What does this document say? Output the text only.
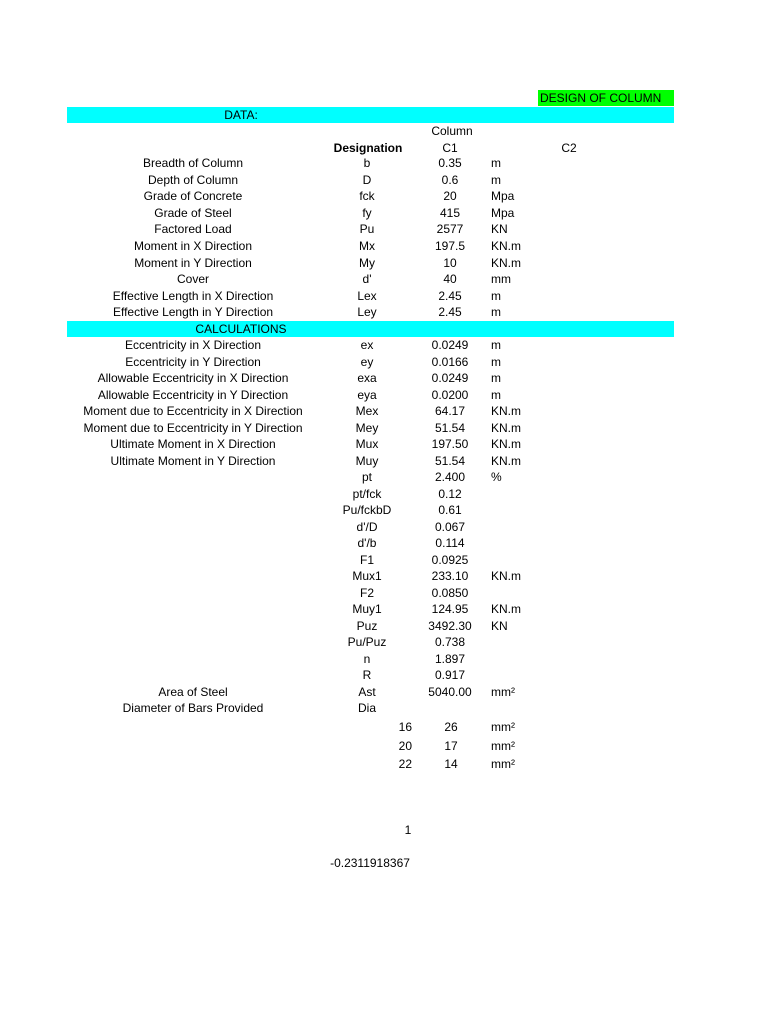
DESIGN OF COLUMN
DATA:
Column
Designation	C1	C2
Breadth of Column	b	0.35 m
Depth of Column	D	0.6	m
Grade of Concrete	fck	20	Mpa
Grade of Steel	fy	415	Mpa
Factored Load	Pu	2577 KN
Moment in X Direction	Mx	197.5 KN.m
Moment in Y Direction	My	10	KN.m
Cover	d'	40	mm
Effective Length in X Direction	Lex	2.45 m
Effective Length in Y Direction	Ley	2.45 m
CALCULATIONS
Eccentricity in X Direction	ex	0.0249 m
Eccentricity in Y Direction	ey	0.0166 m
Allowable Eccentricity in X Direction	exa	0.0249 m
Allowable Eccentricity in Y Direction	eya	0.0200 m
Moment due to Eccentricity in X Direction	Mex	64.17 KN.m
Moment due to Eccentricity in Y Direction	Mey	51.54 KN.m
Ultimate Moment in X Direction	Mux	197.50 KN.m
Ultimate Moment in Y Direction	Muy	51.54 KN.m
pt	2.400 %
pt/fck	0.12
Pu/fckbD	0.61
d'/D	0.067
d'/b	0.114
F1	0.0925
Mux1	233.10 KN.m
F2	0.0850
Muy1	124.95 KN.m
Puz	3492.30 KN
Pu/Puz	0.738
n	1.897
R	0.917
Area of Steel	Ast	5040.00 mm²
Diameter of Bars Provided	Dia
16	26	mm²
20	17	mm²
22	14	mm²
1
-0.2311918367
